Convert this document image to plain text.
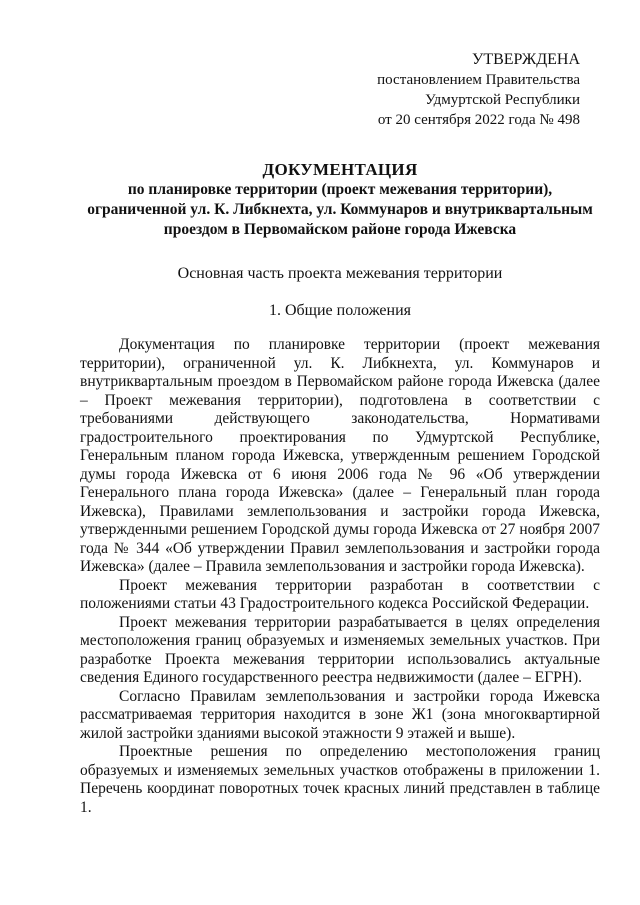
УТВЕРЖДЕНА
постановлением Правительства
Удмуртской Республики
от 20 сентября 2022 года № 498
ДОКУМЕНТАЦИЯ
по планировке территории (проект межевания территории),
ограниченной ул. К. Либкнехта, ул. Коммунаров и внутриквартальным
проездом в Первомайском районе города Ижевска
Основная часть проекта межевания территории
1. Общие положения

Документация по планировке территории (проект межевания территории), ограниченной ул. К. Либкнехта, ул. Коммунаров и внутриквартальным проездом в Первомайском районе города Ижевска (далее – Проект межевания территории), подготовлена в соответствии с требованиями действующего законодательства, Нормативами градостроительного проектирования по Удмуртской Республике, Генеральным планом города Ижевска, утвержденным решением Городской думы города Ижевска от 6 июня 2006 года № 96 «Об утверждении Генерального плана города Ижевска» (далее – Генеральный план города Ижевска), Правилами землепользования и застройки города Ижевска, утвержденными решением Городской думы города Ижевска от 27 ноября 2007 года № 344 «Об утверждении Правил землепользования и застройки города Ижевска» (далее – Правила землепользования и застройки города Ижевска).

Проект межевания территории разработан в соответствии с положениями статьи 43 Градостроительного кодекса Российской Федерации.

Проект межевания территории разрабатывается в целях определения местоположения границ образуемых и изменяемых земельных участков. При разработке Проекта межевания территории использовались актуальные сведения Единого государственного реестра недвижимости (далее – ЕГРН).

Согласно Правилам землепользования и застройки города Ижевска рассматриваемая территория находится в зоне Ж1 (зона многоквартирной жилой застройки зданиями высокой этажности 9 этажей и выше).

Проектные решения по определению местоположения границ образуемых и изменяемых земельных участков отображены в приложении 1. Перечень координат поворотных точек красных линий представлен в таблице 1.
